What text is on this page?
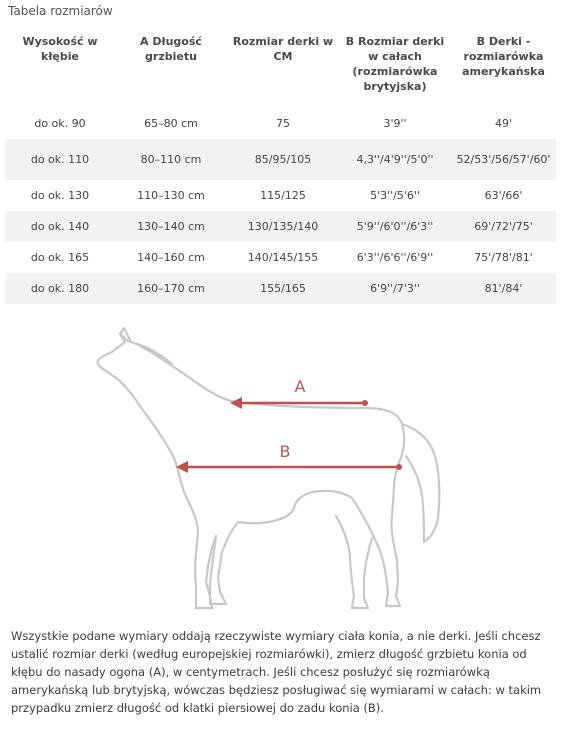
Tabela rozmiarów
Wysokość w kłębie	A Długość grzbietu	Rozmiar derki w CM	B Rozmiar derki w całach (rozmiarówka brytyjska)	B Derki - rozmiarówka amerykańska
do ok. 90	65–80 cm	75	3'9''	49'
do ok. 110	80–110 cm	85/95/105	4,3''/4'9''/5'0''	52/53'/56/57'/60'
do ok. 130	110–130 cm	115/125	5'3''/5'6''	63'/66'
do ok. 140	130–140 cm	130/135/140	5'9''/6'0''/6'3''	69'/72'/75'
do ok. 165	140–160 cm	140/145/155	6'3''/6'6''/6'9''	75'/78'/81'
do ok. 180	160–170 cm	155/165	6'9''/7'3''	81'/84'
A
B

Wszystkie podane wymiary oddają rzeczywiste wymiary ciała konia, a nie derki. Jeśli chcesz ustalić rozmiar derki (według europejskiej rozmiarówki), zmierz długość grzbietu konia od kłębu do nasady ogona (A), w centymetrach. Jeśli chcesz posłużyć się rozmiarówką amerykańską lub brytyjską, wówczas będziesz posługiwać się wymiarami w całach: w takim przypadku zmierz długość od klatki piersiowej do zadu konia (B).
